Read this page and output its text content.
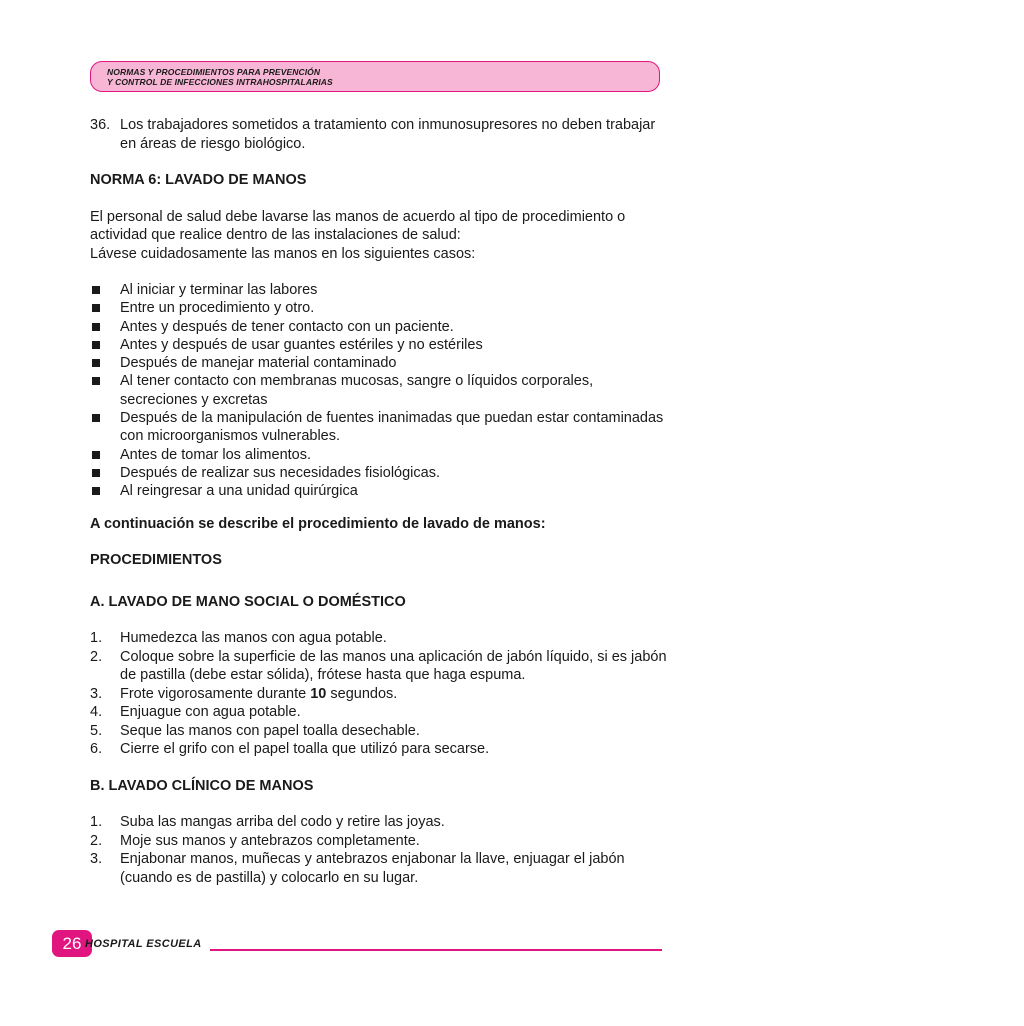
NORMAS Y PROCEDIMIENTOS PARA PREVENCIÓN
Y CONTROL DE INFECCIONES INTRAHOSPITALARIAS
36. Los trabajadores sometidos a tratamiento con inmunosupresores no deben trabajar en áreas de riesgo biológico.

NORMA 6: LAVADO DE MANOS

El personal de salud debe lavarse las manos de acuerdo al tipo de procedimiento o actividad que realice dentro de las instalaciones de salud:

Lávese cuidadosamente las manos en los siguientes casos:

Al iniciar y terminar las labores
Entre un procedimiento y otro.
Antes y después de tener contacto con un paciente.
Antes y después de usar guantes estériles y no estériles
Después de manejar material contaminado
Al tener contacto con membranas mucosas, sangre o líquidos corporales, secreciones y excretas
Después de la manipulación de fuentes inanimadas que puedan estar contaminadas con microorganismos vulnerables.
Antes de tomar los alimentos.
Después de realizar sus necesidades fisiológicas.
Al reingresar a una unidad quirúrgica

A continuación se describe el procedimiento de lavado de manos:

PROCEDIMIENTOS

A. LAVADO DE MANO SOCIAL O DOMÉSTICO

1.	Humedezca las manos con agua potable.
2.	Coloque sobre la superficie de las manos una aplicación de jabón líquido, si es jabón de pastilla (debe estar sólida), frótese hasta que haga espuma.
3.	Frote vigorosamente durante 10 segundos.
4.	Enjuague con agua potable.
5.	Seque las manos con papel toalla desechable.
6.	Cierre el grifo con el papel toalla que utilizó para secarse.

B. LAVADO CLÍNICO DE MANOS

1.	Suba las mangas arriba del codo y retire las joyas.
2.	Moje sus manos y antebrazos completamente.
3.	Enjabonar manos, muñecas y antebrazos enjabonar la llave, enjuagar el jabón (cuando es de pastilla) y colocarlo en su lugar.
26 HOSPITAL ESCUELA
